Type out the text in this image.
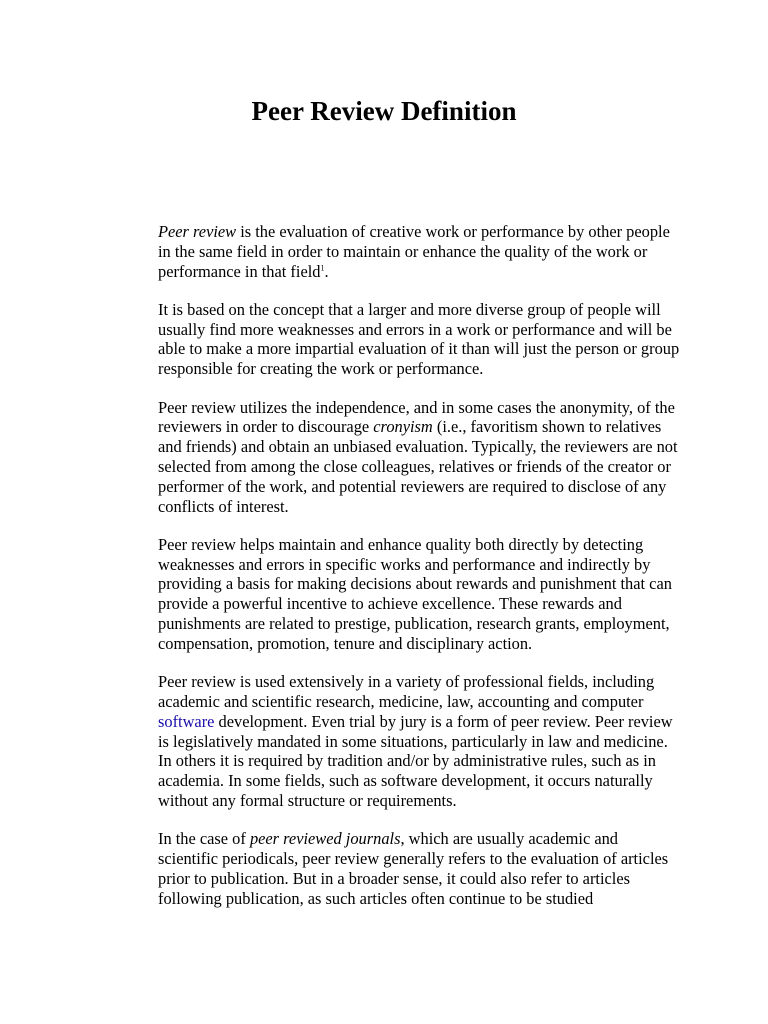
Peer Review Definition

Peer review is the evaluation of creative work or performance by other people in the same field in order to maintain or enhance the quality of the work or performance in that field$^1$.

It is based on the concept that a larger and more diverse group of people will usually find more weaknesses and errors in a work or performance and will be able to make a more impartial evaluation of it than will just the person or group responsible for creating the work or performance.

Peer review utilizes the independence, and in some cases the anonymity, of the reviewers in order to discourage cronyism (i.e., favoritism shown to relatives and friends) and obtain an unbiased evaluation. Typically, the reviewers are not selected from among the close colleagues, relatives or friends of the creator or performer of the work, and potential reviewers are required to disclose of any conflicts of interest.

Peer review helps maintain and enhance quality both directly by detecting weaknesses and errors in specific works and performance and indirectly by providing a basis for making decisions about rewards and punishment that can provide a powerful incentive to achieve excellence. These rewards and punishments are related to prestige, publication, research grants, employment, compensation, promotion, tenure and disciplinary action.

Peer review is used extensively in a variety of professional fields, including academic and scientific research, medicine, law, accounting and computer software development. Even trial by jury is a form of peer review. Peer review is legislatively mandated in some situations, particularly in law and medicine. In others it is required by tradition and/or by administrative rules, such as in academia. In some fields, such as software development, it occurs naturally without any formal structure or requirements.

In the case of peer reviewed journals, which are usually academic and scientific periodicals, peer review generally refers to the evaluation of articles prior to publication. But in a broader sense, it could also refer to articles following publication, as such articles often continue to be studied
